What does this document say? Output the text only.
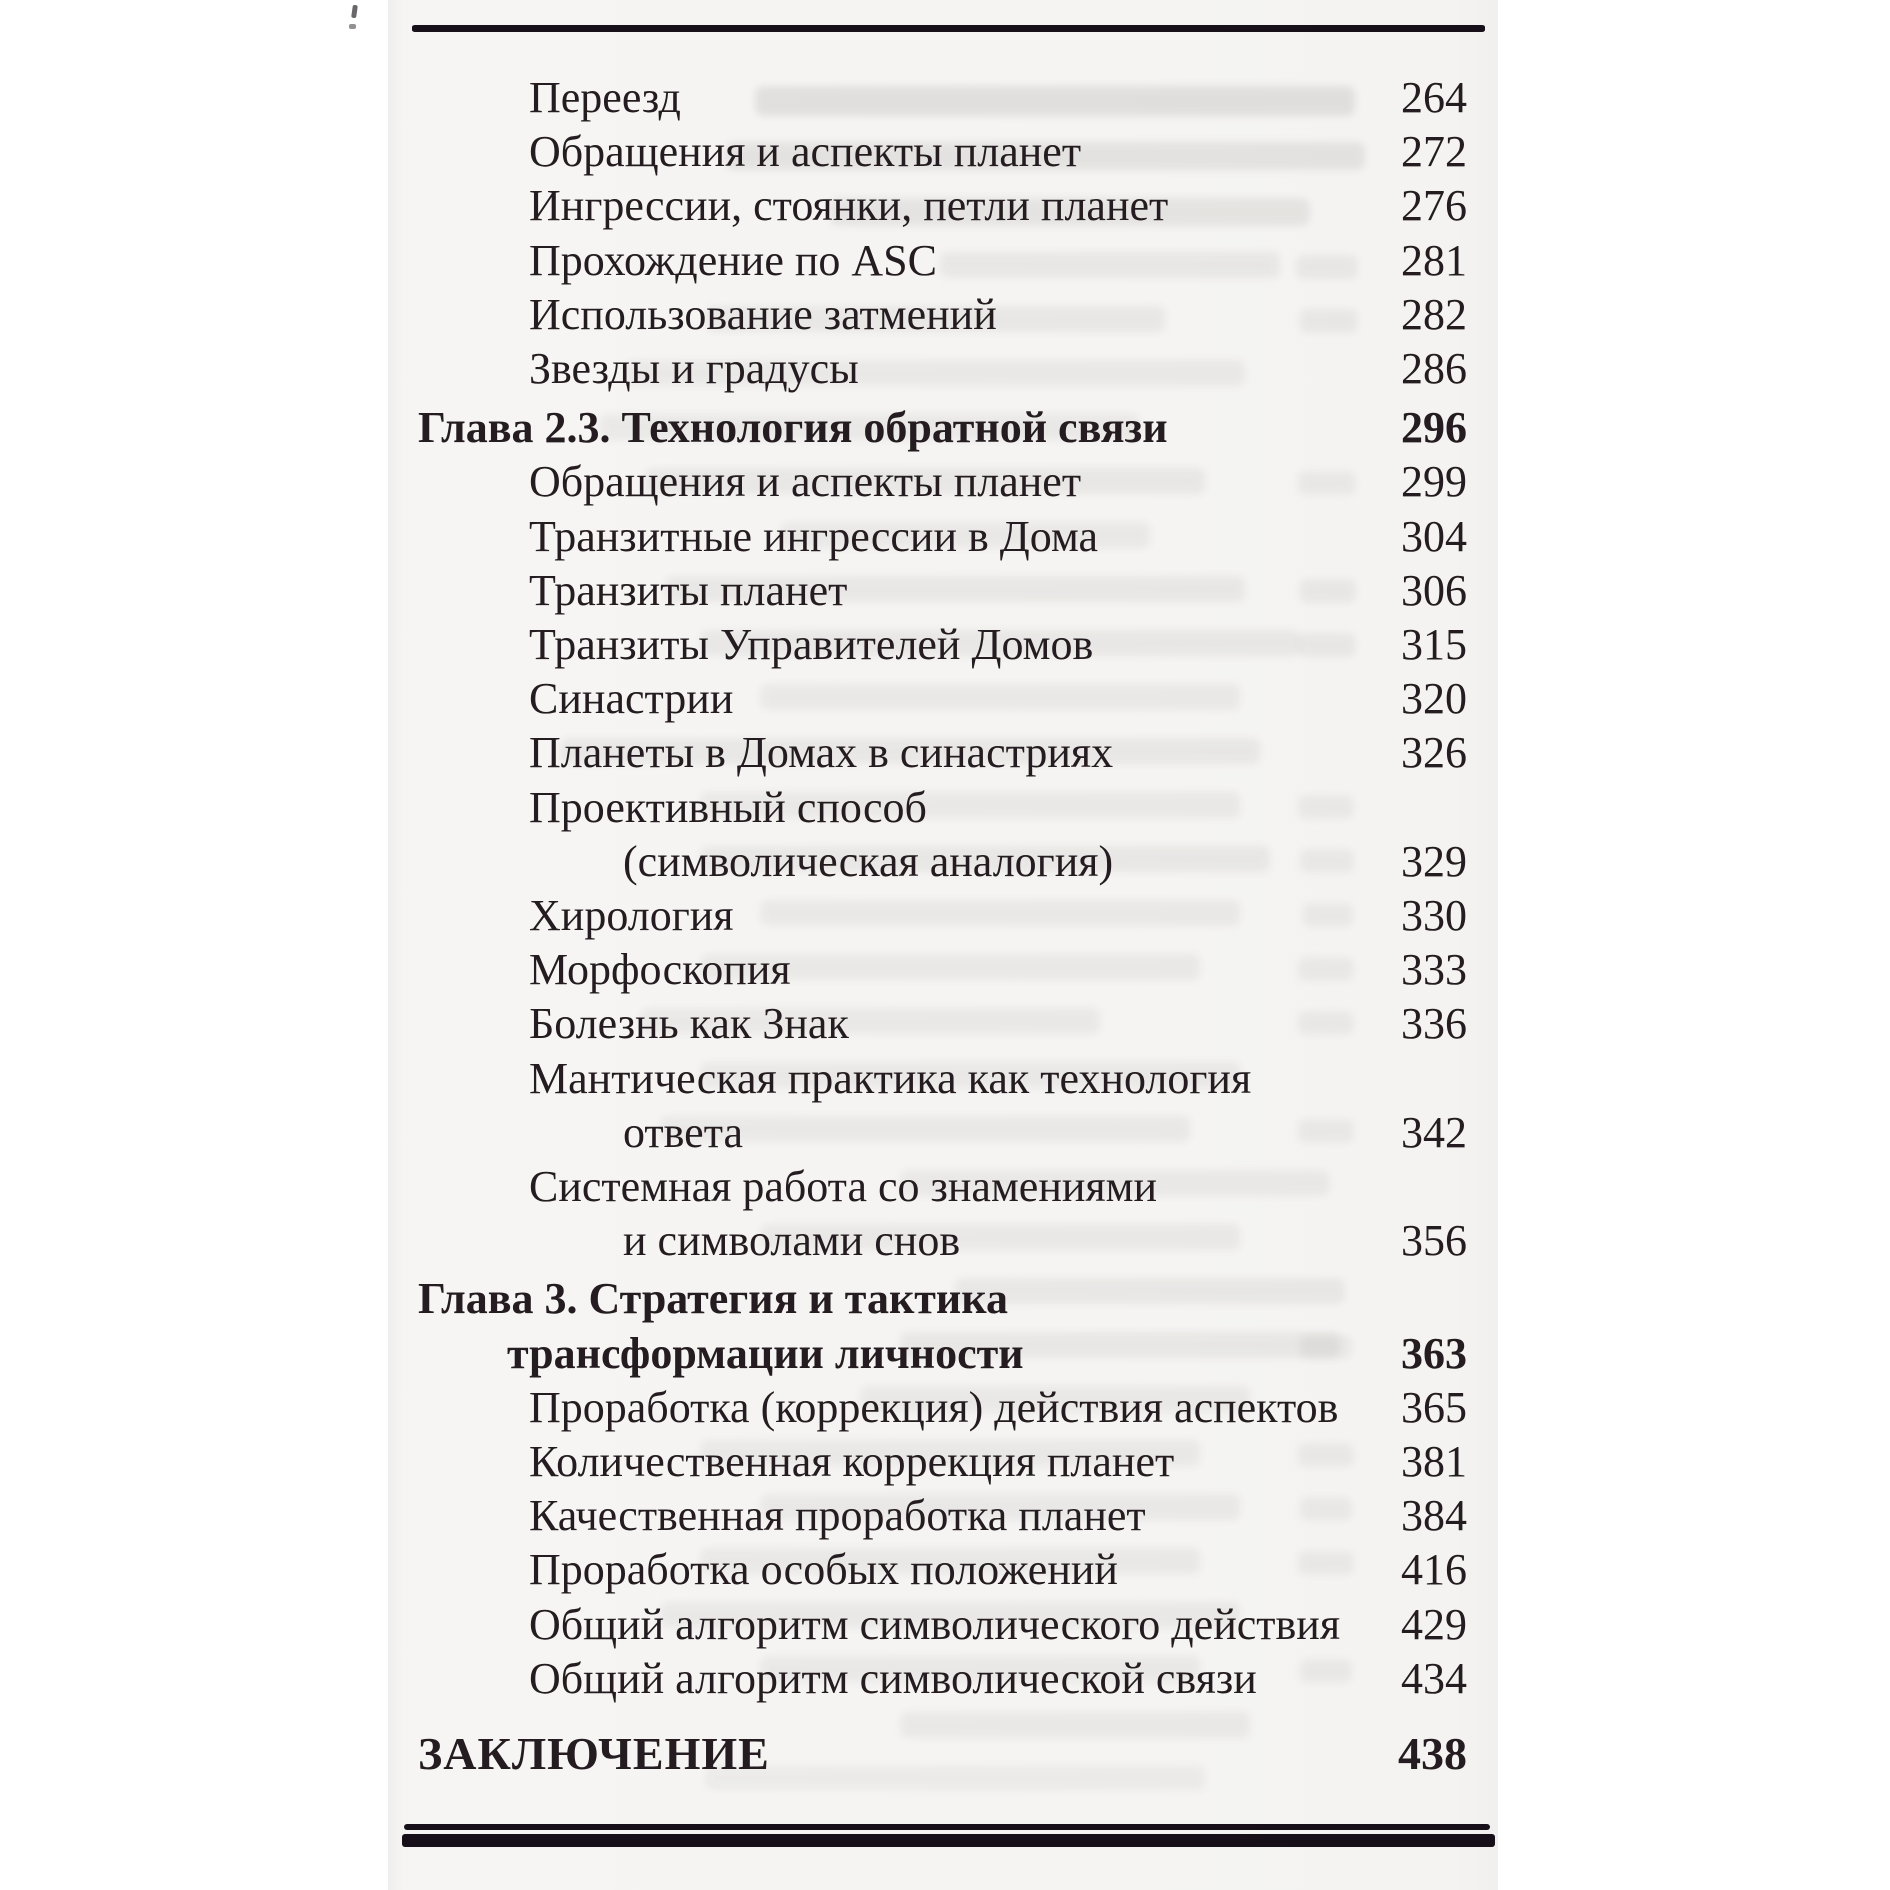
Переезд	264
Обращения и аспекты планет	272
Ингрессии, стоянки, петли планет	276
Прохождение по ASC	281
Использование затмений	282
Звезды и градусы	286
Глава 2.3. Технология обратной связи	296
Обращения и аспекты планет	299
Транзитные ингрессии в Дома	304
Транзиты планет	306
Транзиты Управителей Домов	315
Синастрии	320
Планеты в Домах в синастриях	326
Проективный способ
(символическая аналогия)	329
Хирология	330
Морфоскопия	333
Болезнь как Знак	336
Мантическая практика как технология
ответа	342
Системная работа со знамениями
и символами снов	356
Глава 3. Стратегия и тактика
трансформации личности	363
Проработка (коррекция) действия аспектов 365
Количественная коррекция планет	381
Качественная проработка планет	384
Проработка особых положений	416
Общий алгоритм символического действия 429
Общий алгоритм символической связи	434
ЗАКЛЮЧЕНИЕ	438
